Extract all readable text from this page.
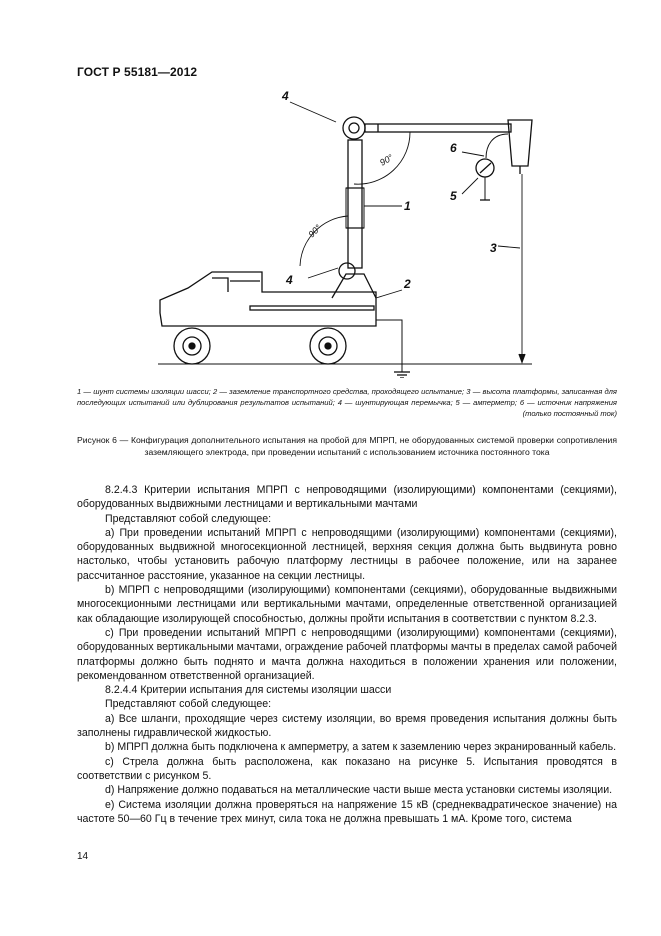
ГОСТ Р 55181—2012
4
1
4	2
3
6
5
90°
90°
1 — шунт системы изоляции шасси; 2 — заземление транспортного средства, проходящего испытание; 3 — высота платформы, записанная для последующих испытаний или дублирования результатов испытаний; 4 — шунтирующая перемычка; 5 — амперметр; 6 — источник напряжения (только постоянный ток)
Рисунок 6 — Конфигурация дополнительного испытания на пробой для МПРП, не оборудованных системой проверки сопротивления заземляющего электрода, при проведении испытаний с использованием источника постоянного тока

8.2.4.3 Критерии испытания МПРП с непроводящими (изолирующими) компонентами (секциями), оборудованных выдвижными лестницами и вертикальными мачтами

Представляют собой следующее:

a) При проведении испытаний МПРП с непроводящими (изолирующими) компонентами (секциями), оборудованных выдвижной многосекционной лестницей, верхняя секция должна быть выдвинута ровно настолько, чтобы установить рабочую платформу лестницы в рабочее положение, или на заранее рассчитанное расстояние, указанное на секции лестницы.

b) МПРП с непроводящими (изолирующими) компонентами (секциями), оборудованные выдвижными многосекционными лестницами или вертикальными мачтами, определенные ответственной организацией как обладающие изолирующей способностью, должны пройти испытания в соответствии с пунктом 8.2.3.

c) При проведении испытаний МПРП с непроводящими (изолирующими) компонентами (секциями), оборудованных вертикальными мачтами, ограждение рабочей платформы мачты в пределах самой рабочей платформы должно быть поднято и мачта должна находиться в положении хранения или положении, рекомендованном ответственной организацией.

8.2.4.4 Критерии испытания для системы изоляции шасси

Представляют собой следующее:

a) Все шланги, проходящие через систему изоляции, во время проведения испытания должны быть заполнены гидравлической жидкостью.

b) МПРП должна быть подключена к амперметру, а затем к заземлению через экранированный кабель.

c) Стрела должна быть расположена, как показано на рисунке 5. Испытания проводятся в соответствии с рисунком 5.

d) Напряжение должно подаваться на металлические части выше места установки системы изоляции.

e) Система изоляции должна проверяться на напряжение 15 кВ (среднеквадратическое значение) на частоте 50—60 Гц в течение трех минут, сила тока не должна превышать 1 мА. Кроме того, система

14
